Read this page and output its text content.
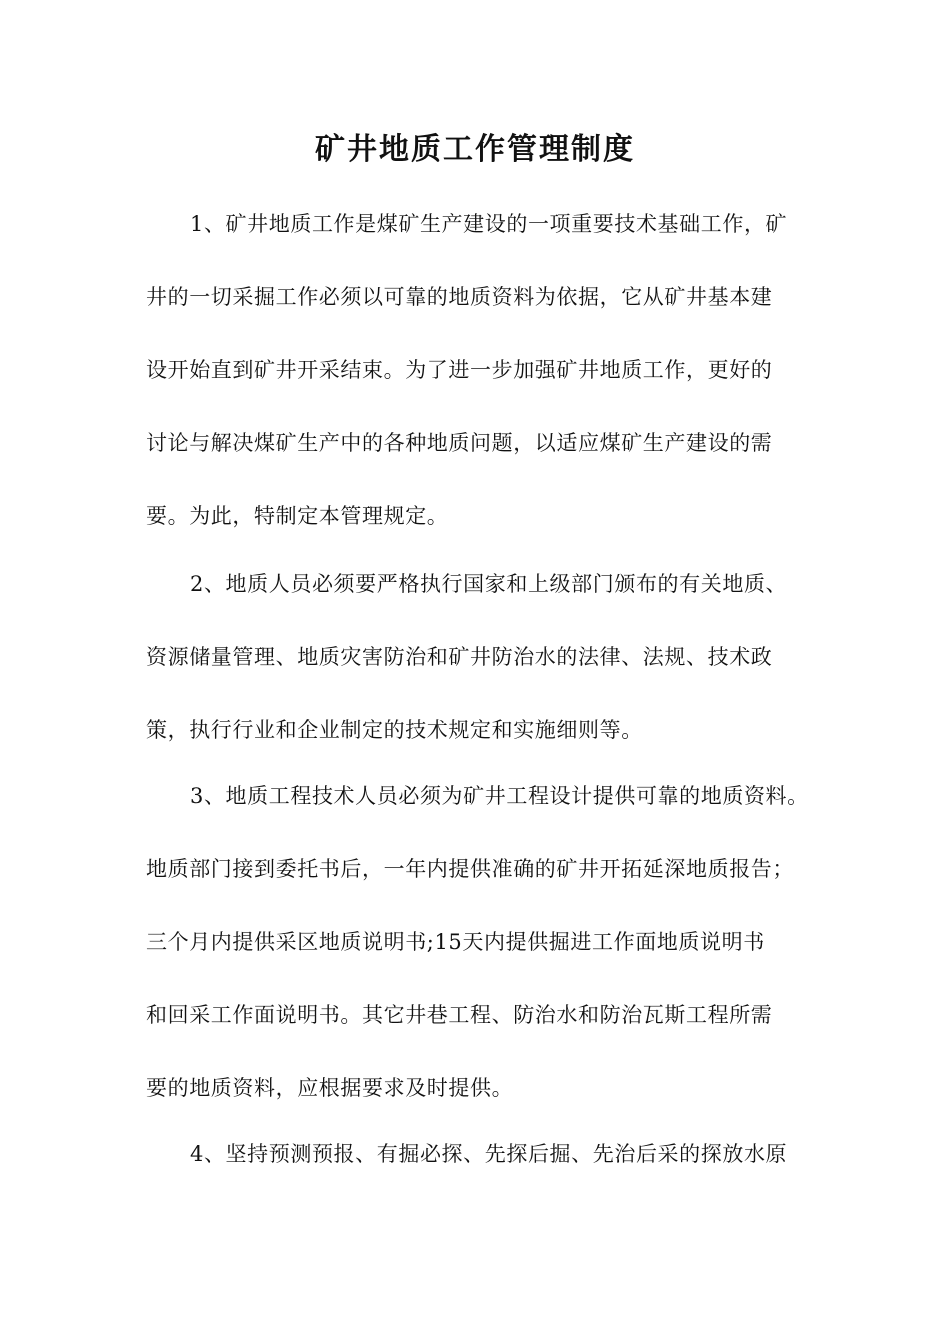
矿井地质工作管理制度
1、矿井地质工作是煤矿生产建设的一项重要技术基础工作，矿
井的一切采掘工作必须以可靠的地质资料为依据，它从矿井基本建
设开始直到矿井开采结束。为了进一步加强矿井地质工作，更好的
讨论与解决煤矿生产中的各种地质问题，以适应煤矿生产建设的需
要。为此，特制定本管理规定。
2、地质人员必须要严格执行国家和上级部门颁布的有关地质、
资源储量管理、地质灾害防治和矿井防治水的法律、法规、技术政
策，执行行业和企业制定的技术规定和实施细则等。
3、地质工程技术人员必须为矿井工程设计提供可靠的地质资料。
地质部门接到委托书后，一年内提供准确的矿井开拓延深地质报告；
三个月内提供采区地质说明书;15天内提供掘进工作面地质说明书
和回采工作面说明书。其它井巷工程、防治水和防治瓦斯工程所需
要的地质资料，应根据要求及时提供。
4、坚持预测预报、有掘必探、先探后掘、先治后采的探放水原
